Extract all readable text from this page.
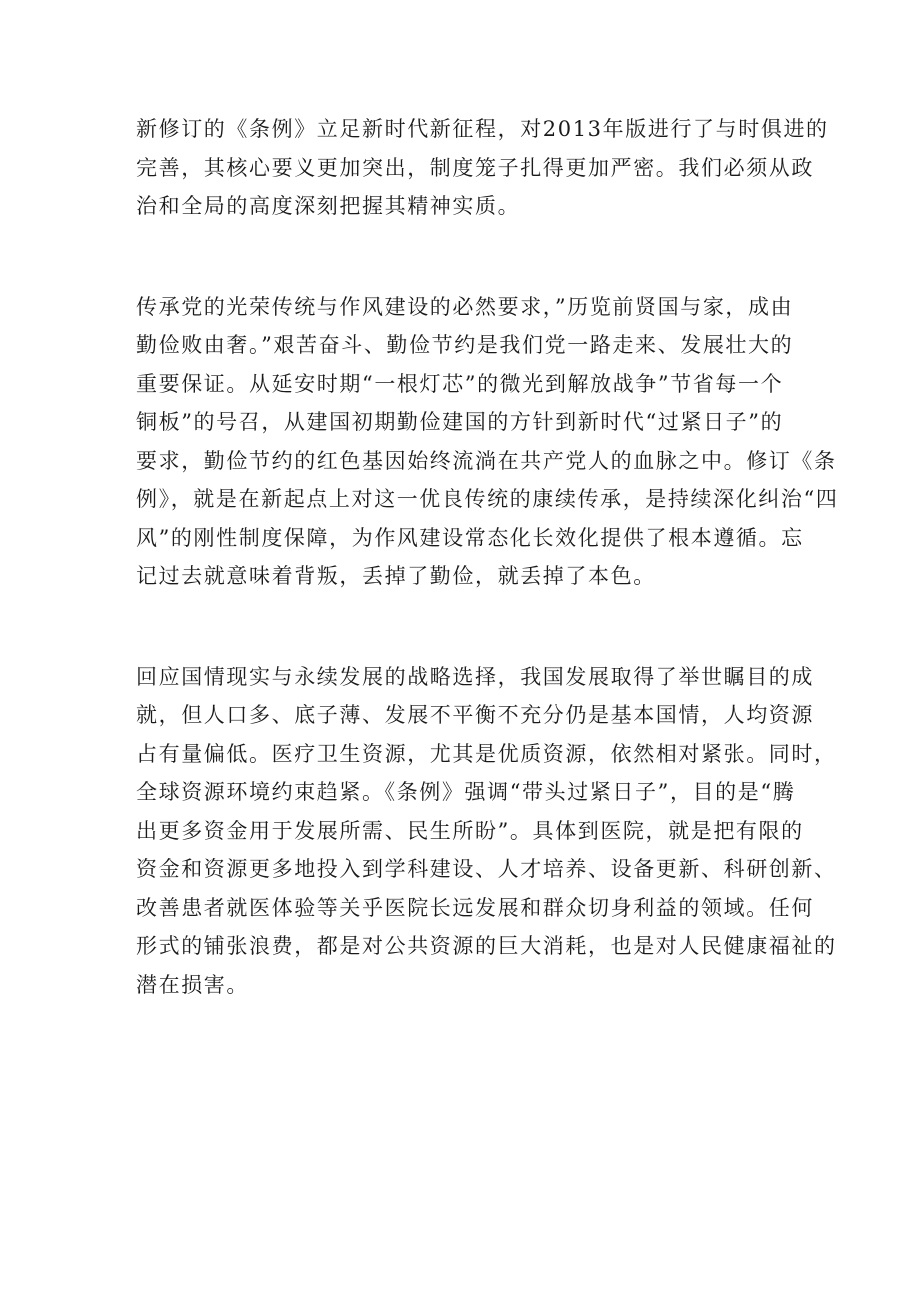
新修订的《条例》立足新时代新征程，对2013年版进行了与时俱进的
完善，其核心要义更加突出，制度笼子扎得更加严密。我们必须从政
治和全局的高度深刻把握其精神实质。

传承党的光荣传统与作风建设的必然要求，”历览前贤国与家，成由
勤俭败由奢。”艰苦奋斗、勤俭节约是我们党一路走来、发展壮大的
重要保证。从延安时期“一根灯芯”的微光到解放战争”节省每一个
铜板”的号召，从建国初期勤俭建国的方针到新时代“过紧日子”的
要求，勤俭节约的红色基因始终流淌在共产党人的血脉之中。修订《条
例》，就是在新起点上对这一优良传统的康续传承，是持续深化纠治“四
风”的刚性制度保障，为作风建设常态化长效化提供了根本遵循。忘
记过去就意味着背叛，丢掉了勤俭，就丢掉了本色。

回应国情现实与永续发展的战略选择，我国发展取得了举世瞩目的成
就，但人口多、底子薄、发展不平衡不充分仍是基本国情，人均资源
占有量偏低。医疗卫生资源，尤其是优质资源，依然相对紧张。同时，
全球资源环境约束趋紧。《条例》强调“带头过紧日子”，目的是“腾
出更多资金用于发展所需、民生所盼”。具体到医院，就是把有限的
资金和资源更多地投入到学科建设、人才培养、设备更新、科研创新、
改善患者就医体验等关乎医院长远发展和群众切身利益的领域。任何
形式的铺张浪费，都是对公共资源的巨大消耗，也是对人民健康福祉的
潜在损害。
